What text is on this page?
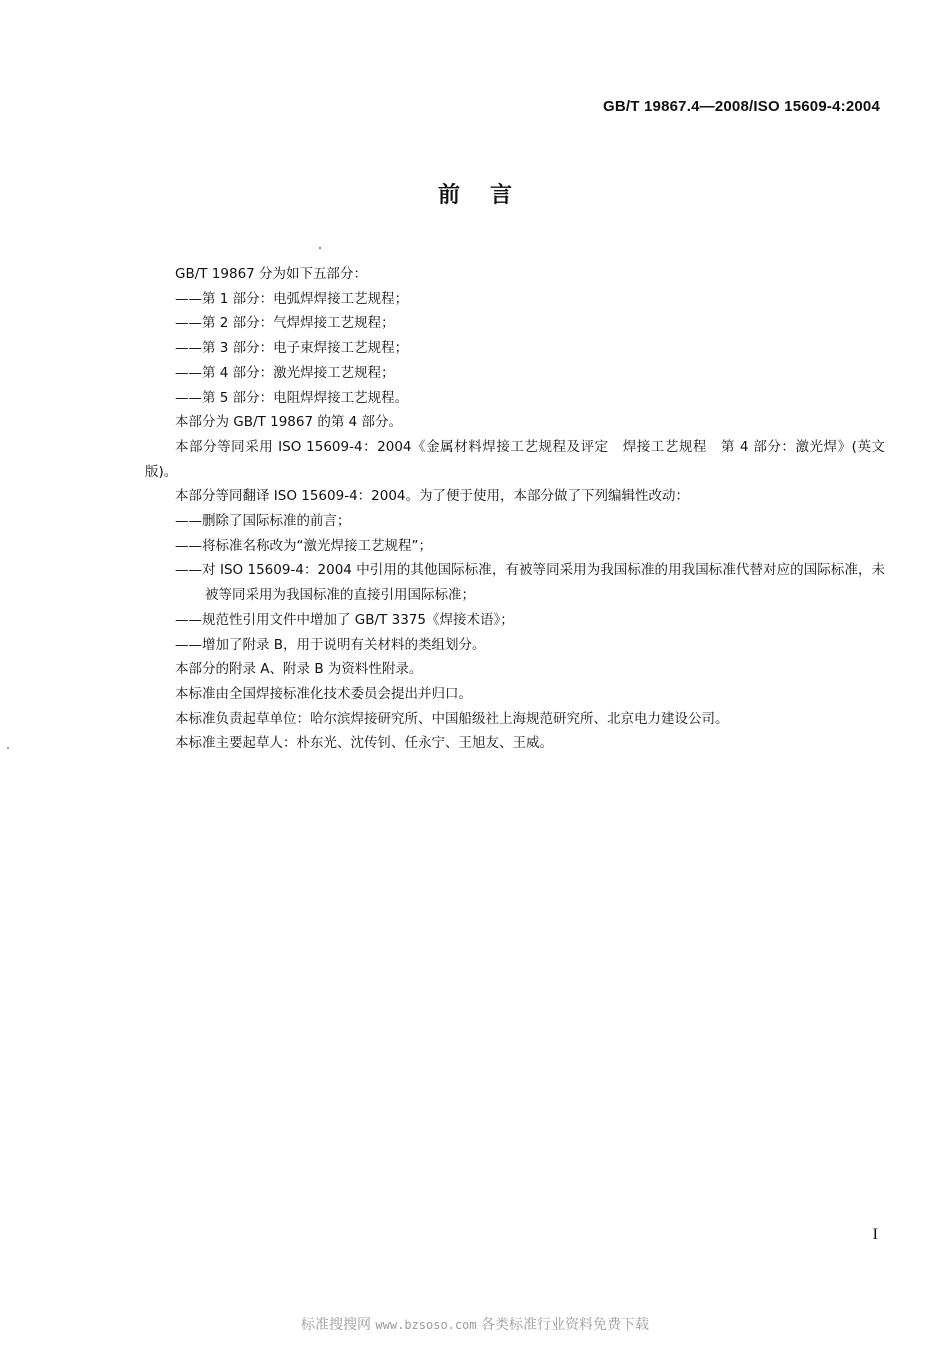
GB/T 19867.4—2008/ISO 15609-4:2004
前言

GB/T 19867 分为如下五部分：

——第 1 部分：电弧焊焊接工艺规程；

——第 2 部分：气焊焊接工艺规程；

——第 3 部分：电子束焊接工艺规程；

——第 4 部分：激光焊接工艺规程；

——第 5 部分：电阻焊焊接工艺规程。

本部分为 GB/T 19867 的第 4 部分。

本部分等同采用 ISO 15609-4：2004《金属材料焊接工艺规程及评定　焊接工艺规程　第 4 部分：激光焊》(英文版)。

本部分等同翻译 ISO 15609-4：2004。为了便于使用，本部分做了下列编辑性改动：

——删除了国际标准的前言；

——将标准名称改为“激光焊接工艺规程”；

——对 ISO 15609-4：2004 中引用的其他国际标准，有被等同采用为我国标准的用我国标准代替对应的国际标准，未被等同采用为我国标准的直接引用国际标准；

——规范性引用文件中增加了 GB/T 3375《焊接术语》；

——增加了附录 B，用于说明有关材料的类组划分。

本部分的附录 A、附录 B 为资料性附录。

本标准由全国焊接标准化技术委员会提出并归口。

本标准负责起草单位：哈尔滨焊接研究所、中国船级社上海规范研究所、北京电力建设公司。

本标准主要起草人：朴东光、沈传钊、任永宁、王旭友、王威。

I
标准搜搜网 www.bzsoso.com 各类标准行业资料免费下载
